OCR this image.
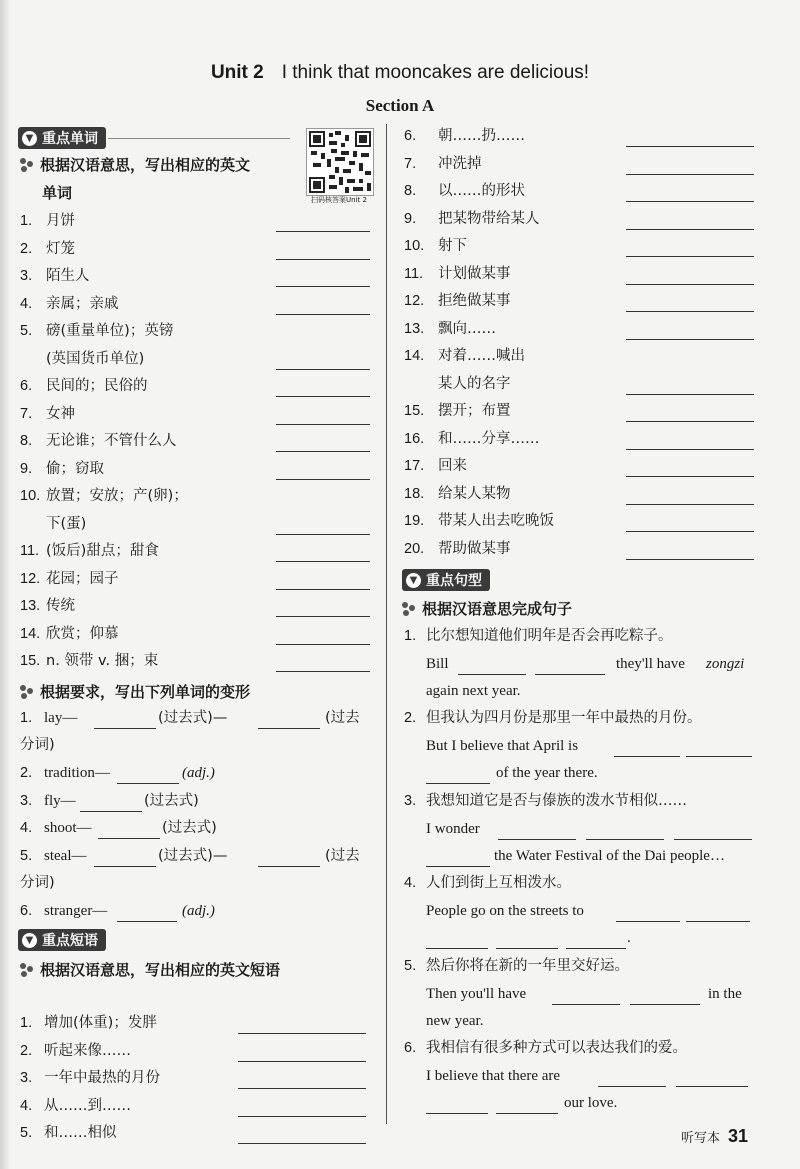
Unit 2 I think that mooncakes are delicious!
Section A
扫码核答案Unit 2
▼ 重点单词
根据汉语意思，写出相应的英文
单词
根据要求，写出下列单词的变形
▼ 重点短语
根据汉语意思，写出相应的英文短语
▼ 重点句型
根据汉语意思完成句子
听写本 31
1. 月饼
2. 灯笼
3. 陌生人
4. 亲属；亲戚
5. 磅(重量单位)；英镑
(英国货币单位)
6. 民间的；民俗的
7. 女神
8. 无论谁；不管什么人
9. 偷；窃取
10. 放置；安放；产(卵)；
下(蛋)
11. (饭后)甜点；甜食
12. 花园；园子
13. 传统
14. 欣赏；仰慕
15. n. 领带 v. 捆；束
1. 增加(体重)；发胖
2. 听起来像……
3. 一年中最热的月份
4. 从……到……
5. 和……相似
6. 朝……扔……
7. 冲洗掉
8. 以……的形状
9. 把某物带给某人
10. 射下
11. 计划做某事
12. 拒绝做某事
13. 飘向……
14. 对着……喊出
某人的名字
15. 摆开；布置
16. 和……分享……
17. 回来
18. 给某人某物
19. 带某人出去吃晚饭
20. 帮助做某事
1. lay—	(过去式)—	(过去
分词)
2. tradition—	(adj.)
3. fly—	(过去式)
4. shoot—	(过去式)
5. steal—	(过去式)—	(过去
分词)
6. stranger—	(adj.)
1. 比尔想知道他们明年是否会再吃粽子。
Bill	they'll have zongzi
again next year.
2. 但我认为四月份是那里一年中最热的月份。
But I believe that April is
of the year there.
3. 我想知道它是否与傣族的泼水节相似……
I wonder
the Water Festival of the Dai people…
4. 人们到街上互相泼水。
People go on the streets to
.
5. 然后你将在新的一年里交好运。
Then you'll have	in the
new year.
6. 我相信有很多种方式可以表达我们的爱。
I believe that there are
our love.
